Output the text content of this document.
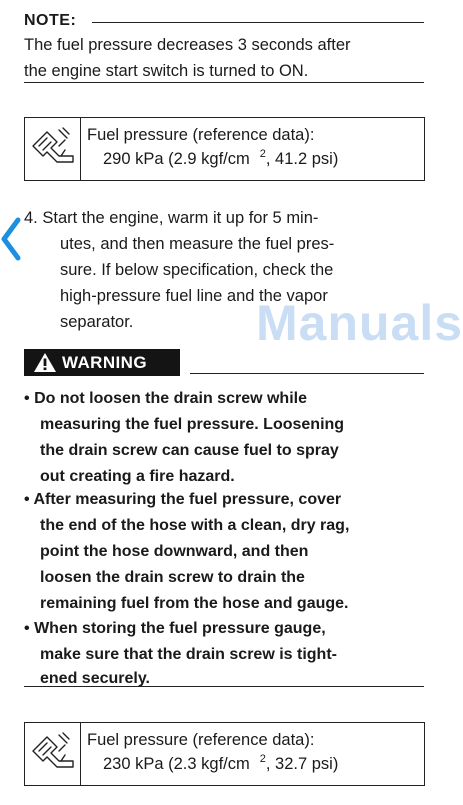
NOTE:
The fuel pressure decreases 3 seconds after
the engine start switch is turned to ON.
Fuel pressure (reference data):
290 kPa (2.9 kgf/cm $^2$, 41.2 psi)
4. Start the engine, warm it up for 5 min-
utes, and then measure the fuel pres-
sure. If below specification, check the
high-pressure fuel line and the vapor
separator. Manuals
WARNING
• Do not loosen the drain screw while
measuring the fuel pressure. Loosening
the drain screw can cause fuel to spray
out creating a fire hazard.
• After measuring the fuel pressure, cover
the end of the hose with a clean, dry rag,
point the hose downward, and then
loosen the drain screw to drain the
remaining fuel from the hose and gauge.
• When storing the fuel pressure gauge,
make sure that the drain screw is tight-
ened securely.
Fuel pressure (reference data):
230 kPa (2.3 kgf/cm $^2$, 32.7 psi)
